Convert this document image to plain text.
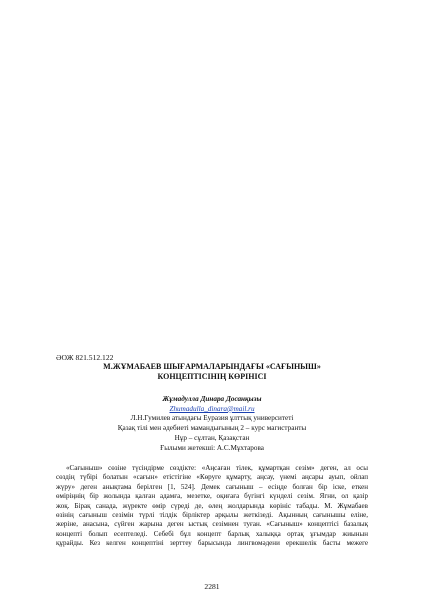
ӘОЖ 821.512.122
М.ЖҰМАБАЕВ ШЫҒАРМАЛАРЫНДАҒЫ «САҒЫНЫШ»
КОНЦЕПТІСІНІҢ КӨРІНІСІ
Жұмадулла Динара Досанқызы
Zhumadulla_dinara@mail.ru
Л.Н.Гумилев атындағы Еуразия ұлттық университеті
Қазақ тілі мен әдебиеті мамандығының 2 – курс магистранты
Нұр – сұлтан, Қазақстан
Ғылыми жетекші: А.С.Мұхтарова
«Сағыныш» сөзіне түсіндірме сөздікте: «Аңсаған тілек, құмартқан сезім» деген, ал осы
сөздің түбірі болатын «сағын» етістігіне «Көруге құмарту, аңсау, үнемі аңсары ауып, ойлап
жүру» деген анықтама берілген [1, 524]. Демек сағыныш – есіңде болған бір іске, еткен
өміріңнің бір жолында қалған адамға, мезетке, оқиғаға бүгінгі күнделі сезім. Ягни, ол қазір
жоқ. Бірақ санада, жүректе өмір сүреді де, өлең жолдарында көрініс табады. М. Жұмабаев
өзінің сағыныш сезімін түрлі тілдік бірліктер арқылы жеткізеді. Ақынның сағынышы еліне,
жеріне, анасына, сүйген жарына деген ыстық сезімнен туған. «Сағыныш» концептісі базалық
концепті болып есептеледі. Себебі бұл концепт барлық халыққа ортақ ұғымдар жиынын
құрайды. Кез келген концептіні зерттеу барысында лингвомәдени ерекшелік басты межеге
2281
